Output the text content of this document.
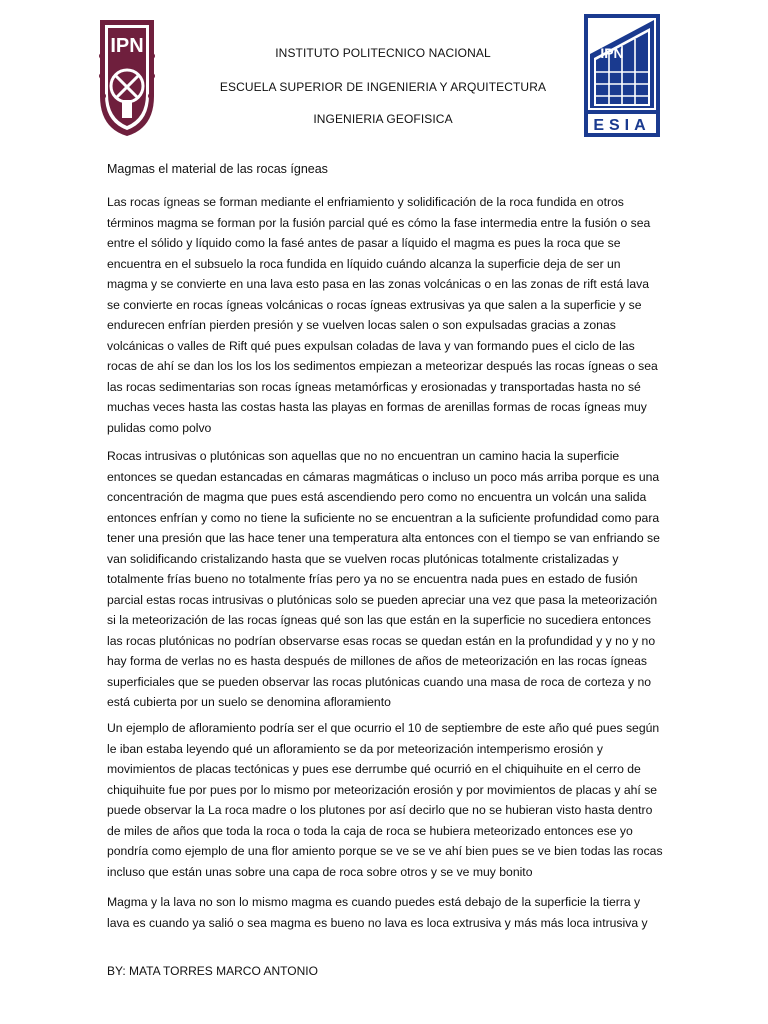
IPN	IPN
ESIA
INSTITUTO POLITECNICO NACIONAL
ESCUELA SUPERIOR DE INGENIERIA Y ARQUITECTURA
INGENIERIA GEOFISICA
Magmas el material de las rocas ígneas

Las rocas ígneas se forman mediante el enfriamiento y solidificación de la roca fundida en otros términos magma se forman por la fusión parcial qué es cómo la fase intermedia entre la fusión o sea entre el sólido y líquido como la fasé antes de pasar a líquido el magma es pues la roca que se encuentra en el subsuelo la roca fundida en líquido cuándo alcanza la superficie deja de ser un magma y se convierte en una lava esto pasa en las zonas volcánicas o en las zonas de rift está lava se convierte en rocas ígneas volcánicas o rocas ígneas extrusivas ya que salen a la superficie y se endurecen enfrían pierden presión y se vuelven locas salen o son expulsadas gracias a zonas volcánicas o valles de Rift qué pues expulsan coladas de lava y van formando pues el ciclo de las rocas de ahí se dan los los los los sedimentos empiezan a meteorizar después las rocas ígneas o sea las rocas sedimentarias son rocas ígneas metamórficas y erosionadas y transportadas hasta no sé muchas veces hasta las costas hasta las playas en formas de arenillas formas de rocas ígneas muy pulidas como polvo

Rocas intrusivas o plutónicas son aquellas que no no encuentran un camino hacia la superficie entonces se quedan estancadas en cámaras magmáticas o incluso un poco más arriba porque es una concentración de magma que pues está ascendiendo pero como no encuentra un volcán una salida entonces enfrían y como no tiene la suficiente no se encuentran a la suficiente profundidad como para tener una presión que las hace tener una temperatura alta entonces con el tiempo se van enfriando se van solidificando cristalizando hasta que se vuelven rocas plutónicas totalmente cristalizadas y totalmente frías bueno no totalmente frías pero ya no se encuentra nada pues en estado de fusión parcial estas rocas intrusivas o plutónicas solo se pueden apreciar una vez que pasa la meteorización si la meteorización de las rocas ígneas qué son las que están en la superficie no sucediera entonces las rocas plutónicas no podrían observarse esas rocas se quedan están en la profundidad y y no y no hay forma de verlas no es hasta después de millones de años de meteorización en las rocas ígneas superficiales que se pueden observar las rocas plutónicas cuando una masa de roca de corteza y no está cubierta por un suelo se denomina afloramiento

Un ejemplo de afloramiento podría ser el que ocurrio el 10 de septiembre de este año qué pues según le iban estaba leyendo qué un afloramiento se da por meteorización intemperismo erosión y movimientos de placas tectónicas y pues ese derrumbe qué ocurrió en el chiquihuite en el cerro de chiquihuite fue por pues por lo mismo por meteorización erosión y por movimientos de placas y ahí se puede observar la La roca madre o los plutones por así decirlo que no se hubieran visto hasta dentro de miles de años que toda la roca o toda la caja de roca se hubiera meteorizado entonces ese yo pondría como ejemplo de una flor amiento porque se ve se ve ahí bien pues se ve bien todas las rocas incluso que están unas sobre una capa de roca sobre otros y se ve muy bonito

Magma y la lava no son lo mismo magma es cuando puedes está debajo de la superficie la tierra y lava es cuando ya salió o sea magma es bueno no lava es loca extrusiva y más más loca intrusiva y

BY: MATA TORRES MARCO ANTONIO
